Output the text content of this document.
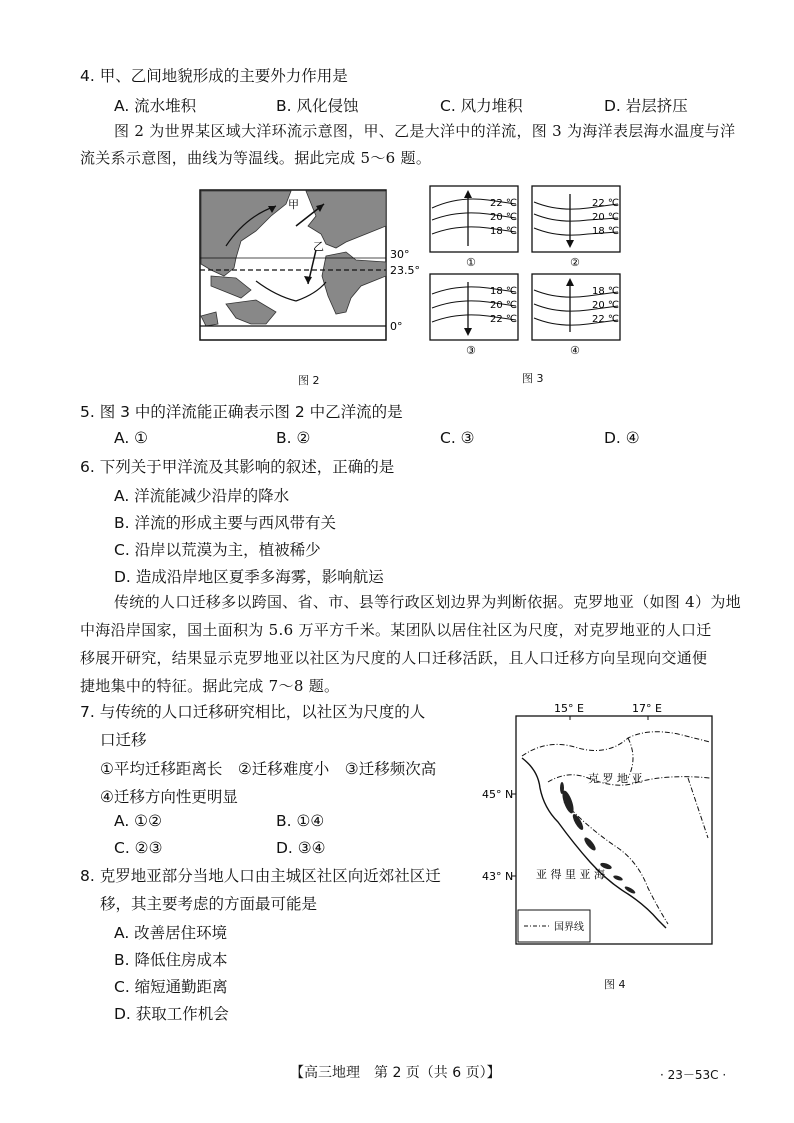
4. 甲、乙间地貌形成的主要外力作用是
A. 流水堆积	B. 风化侵蚀	C. 风力堆积	D. 岩层挤压
图 2 为世界某区域大洋环流示意图，甲、乙是大洋中的洋流，图 3 为海洋表层海水温度与洋
流关系示意图，曲线为等温线。据此完成 5～6 题。
甲
乙
30°
23.5°
0°
图 2
22 ℃
20 ℃
18 ℃
①
22 ℃
20 ℃
18 ℃
②
18 ℃
20 ℃
22 ℃
③
18 ℃
20 ℃
22 ℃
④
图 3
5. 图 3 中的洋流能正确表示图 2 中乙洋流的是
A. ①	B. ②	C. ③	D. ④
6. 下列关于甲洋流及其影响的叙述，正确的是
A. 洋流能减少沿岸的降水
B. 洋流的形成主要与西风带有关
C. 沿岸以荒漠为主，植被稀少
D. 造成沿岸地区夏季多海雾，影响航运
传统的人口迁移多以跨国、省、市、县等行政区划边界为判断依据。克罗地亚（如图 4）为地
中海沿岸国家，国土面积为 5.6 万平方千米。某团队以居住社区为尺度，对克罗地亚的人口迁
移展开研究，结果显示克罗地亚以社区为尺度的人口迁移活跃，且人口迁移方向呈现向交通便
捷地集中的特征。据此完成 7～8 题。
7. 与传统的人口迁移研究相比，以社区为尺度的人
口迁移
①平均迁移距离长　②迁移难度小　③迁移频次高
④迁移方向性更明显
A. ①②	B. ①④
C. ②③	D. ③④
8. 克罗地亚部分当地人口由主城区社区向近郊社区迁
移，其主要考虑的方面最可能是
A. 改善居住环境
B. 降低住房成本
C. 缩短通勤距离
D. 获取工作机会
15° E	17° E
45° N
43° N
克 罗 地 亚
亚 得 里 亚 海
国界线
图 4
【高三地理　第 2 页（共 6 页）】	· 23－53C ·
